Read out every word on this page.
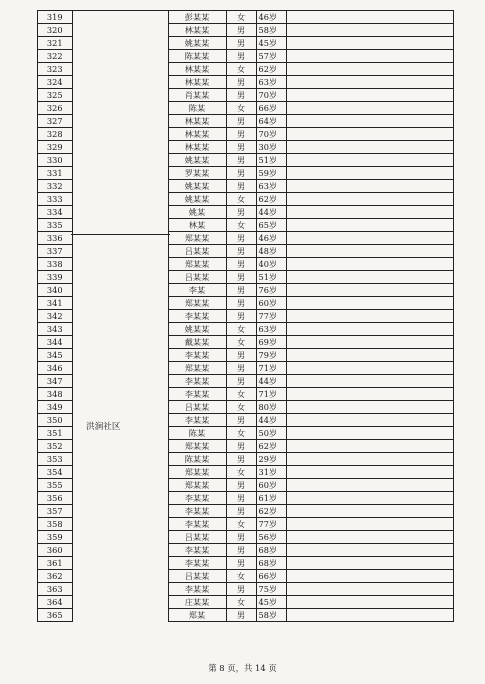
319			彭某某	女	46岁	
320			林某某	男	58岁	
321			姚某某	男	45岁	
322			陈某某	男	57岁	
323			林某某	女	62岁	
324			林某某	男	63岁	
325			肖某某	男	70岁	
326			陈某	女	66岁	
327			林某某	男	64岁	
328			林某某	男	70岁	
329			林某某	男	30岁	
330			姚某某	男	51岁	
331			罗某某	男	59岁	
332			姚某某	男	63岁	
333			姚某某	女	62岁	
334			姚某	男	44岁	
335			林某	女	65岁	
336	洪涧社区		郑某某	男	46岁	
337			吕某某	男	48岁	
338			郑某某	男	40岁	
339			吕某某	男	51岁	
340			李某	男	76岁	
341			郑某某	男	60岁	
342			李某某	男	77岁	
343			姚某某	女	63岁	
344			戴某某	女	69岁	
345			李某某	男	79岁	
346			郑某某	男	71岁	
347			李某某	男	44岁	
348			李某某	女	71岁	
349			吕某某	女	80岁	
350			李某某	男	44岁	
351			陈某	女	50岁	
352			郑某某	男	62岁	
353			陈某某	男	29岁	
354			郑某某	女	31岁	
355			郑某某	男	60岁	
356			李某某	男	61岁	
357			李某某	男	62岁	
358			李某某	女	77岁	
359			吕某某	男	56岁	
360			李某某	男	68岁	
361			李某某	男	68岁	
362			吕某某	女	66岁	
363			李某某	男	75岁	
364			庄某某	女	45岁	
365			郑某	男	58岁	
第 8 页，共 14 页
